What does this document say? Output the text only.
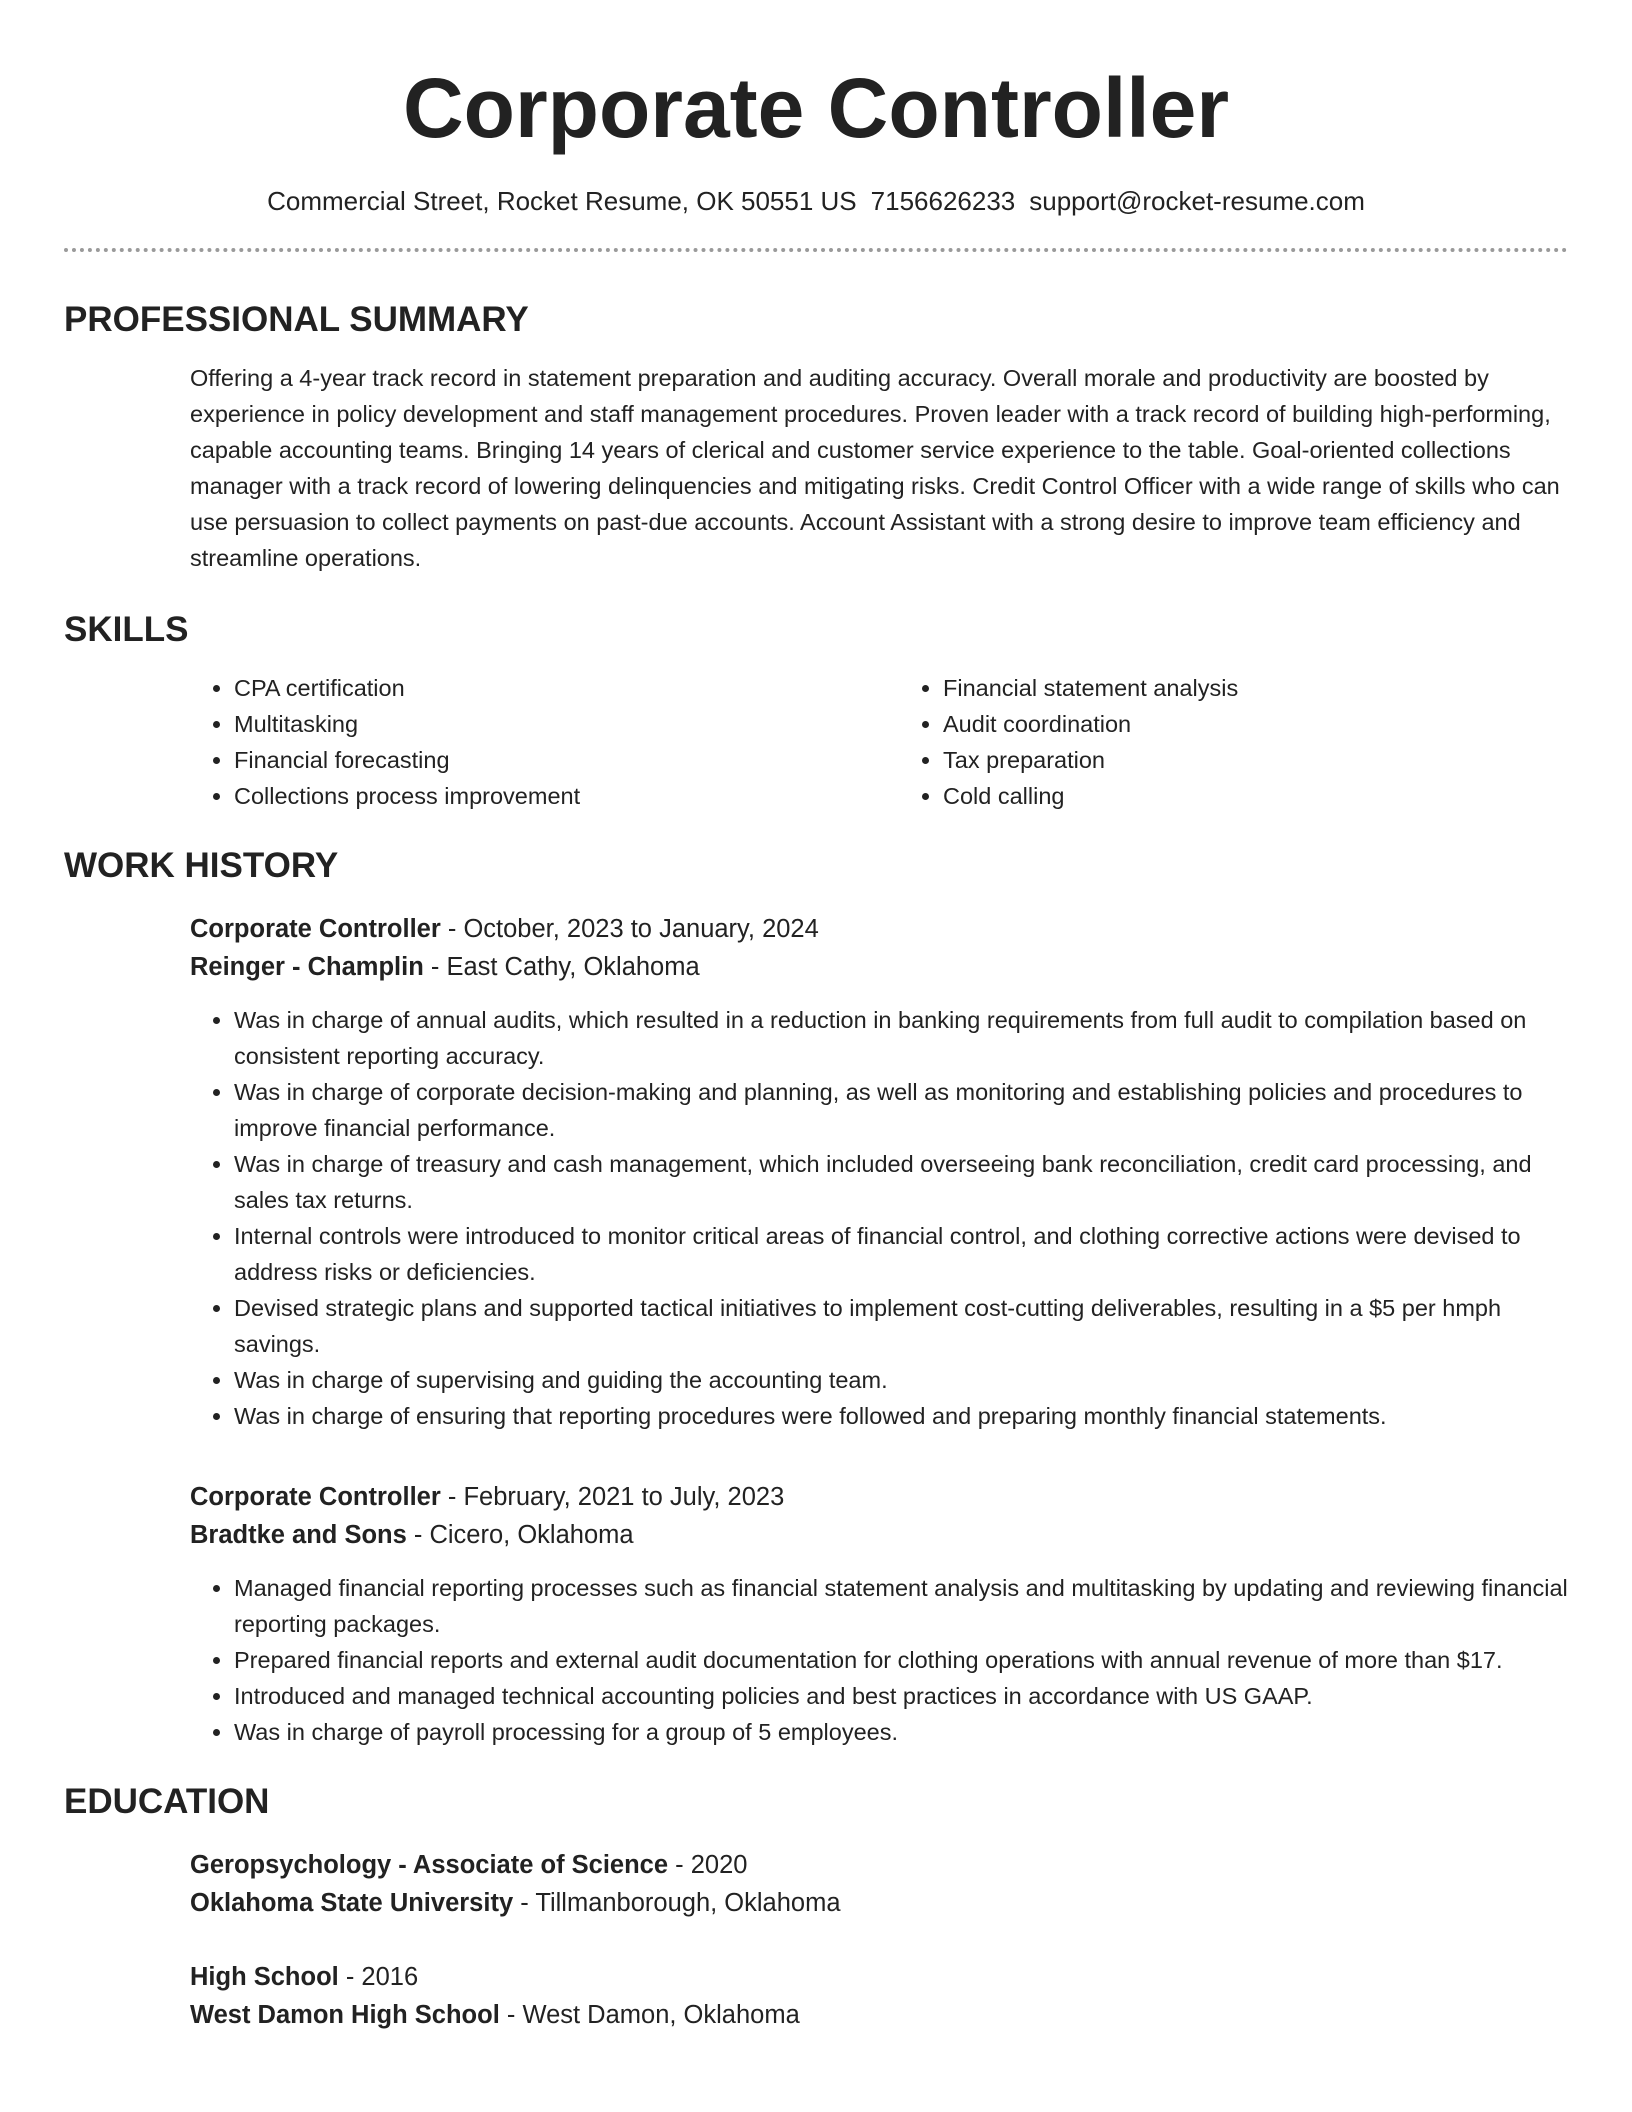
Corporate Controller
Commercial Street, Rocket Resume, OK 50551 US 7156626233 support@rocket-resume.com
PROFESSIONAL SUMMARY

Offering a 4-year track record in statement preparation and auditing accuracy. Overall morale and productivity are boosted by experience in policy development and staff management procedures. Proven leader with a track record of building high-performing, capable accounting teams. Bringing 14 years of clerical and customer service experience to the table. Goal-oriented collections manager with a track record of lowering delinquencies and mitigating risks. Credit Control Officer with a wide range of skills who can use persuasion to collect payments on past-due accounts. Account Assistant with a strong desire to improve team efficiency and streamline operations.

SKILLS
• CPA certification
• Multitasking
• Financial forecasting
• Collections process improvement
• Financial statement analysis
• Audit coordination
• Tax preparation
• Cold calling
WORK HISTORY
Corporate Controller - October, 2023 to January, 2024
Reinger - Champlin - East Cathy, Oklahoma
• Was in charge of annual audits, which resulted in a reduction in banking requirements from full audit to compilation based on consistent reporting accuracy.
• Was in charge of corporate decision-making and planning, as well as monitoring and establishing policies and procedures to improve financial performance.
• Was in charge of treasury and cash management, which included overseeing bank reconciliation, credit card processing, and sales tax returns.
• Internal controls were introduced to monitor critical areas of financial control, and clothing corrective actions were devised to address risks or deficiencies.
• Devised strategic plans and supported tactical initiatives to implement cost-cutting deliverables, resulting in a $5 per hmph savings.
• Was in charge of supervising and guiding the accounting team.
• Was in charge of ensuring that reporting procedures were followed and preparing monthly financial statements.
Corporate Controller - February, 2021 to July, 2023
Bradtke and Sons - Cicero, Oklahoma
• Managed financial reporting processes such as financial statement analysis and multitasking by updating and reviewing financial reporting packages.
• Prepared financial reports and external audit documentation for clothing operations with annual revenue of more than $17.
• Introduced and managed technical accounting policies and best practices in accordance with US GAAP.
• Was in charge of payroll processing for a group of 5 employees.
EDUCATION
Geropsychology - Associate of Science - 2020
Oklahoma State University - Tillmanborough, Oklahoma
High School - 2016
West Damon High School - West Damon, Oklahoma
